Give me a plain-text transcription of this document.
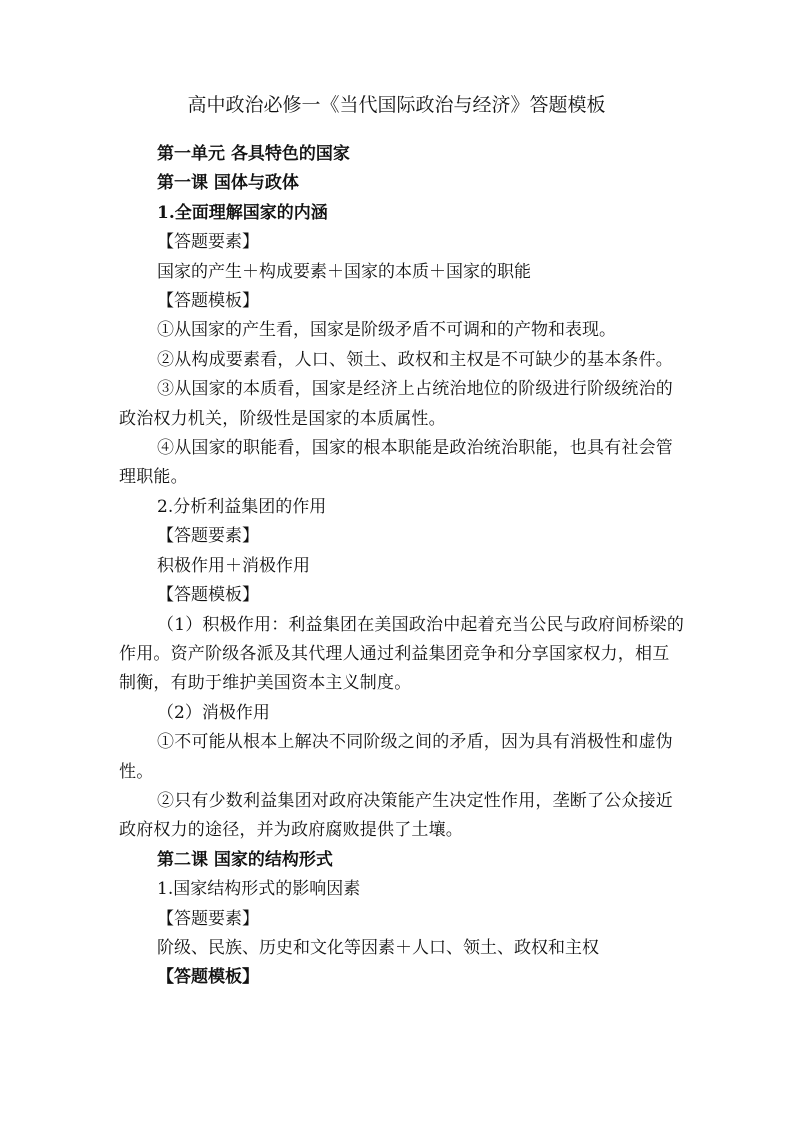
高中政治必修一《当代国际政治与经济》答题模板

第一单元 各具特色的国家

第一课 国体与政体

1.全面理解国家的内涵

【答题要素】

国家的产生＋构成要素＋国家的本质＋国家的职能

【答题模板】

①从国家的产生看，国家是阶级矛盾不可调和的产物和表现。

②从构成要素看，人口、领土、政权和主权是不可缺少的基本条件。

③从国家的本质看，国家是经济上占统治地位的阶级进行阶级统治的政治权力机关，阶级性是国家的本质属性。

④从国家的职能看，国家的根本职能是政治统治职能，也具有社会管理职能。

2.分析利益集团的作用

【答题要素】

积极作用＋消极作用

【答题模板】

（1）积极作用：利益集团在美国政治中起着充当公民与政府间桥梁的作用。资产阶级各派及其代理人通过利益集团竞争和分享国家权力，相互制衡，有助于维护美国资本主义制度。

（2）消极作用

①不可能从根本上解决不同阶级之间的矛盾，因为具有消极性和虚伪性。

②只有少数利益集团对政府决策能产生决定性作用，垄断了公众接近政府权力的途径，并为政府腐败提供了土壤。

第二课 国家的结构形式

1.国家结构形式的影响因素

【答题要素】

阶级、民族、历史和文化等因素＋人口、领土、政权和主权

【答题模板】
